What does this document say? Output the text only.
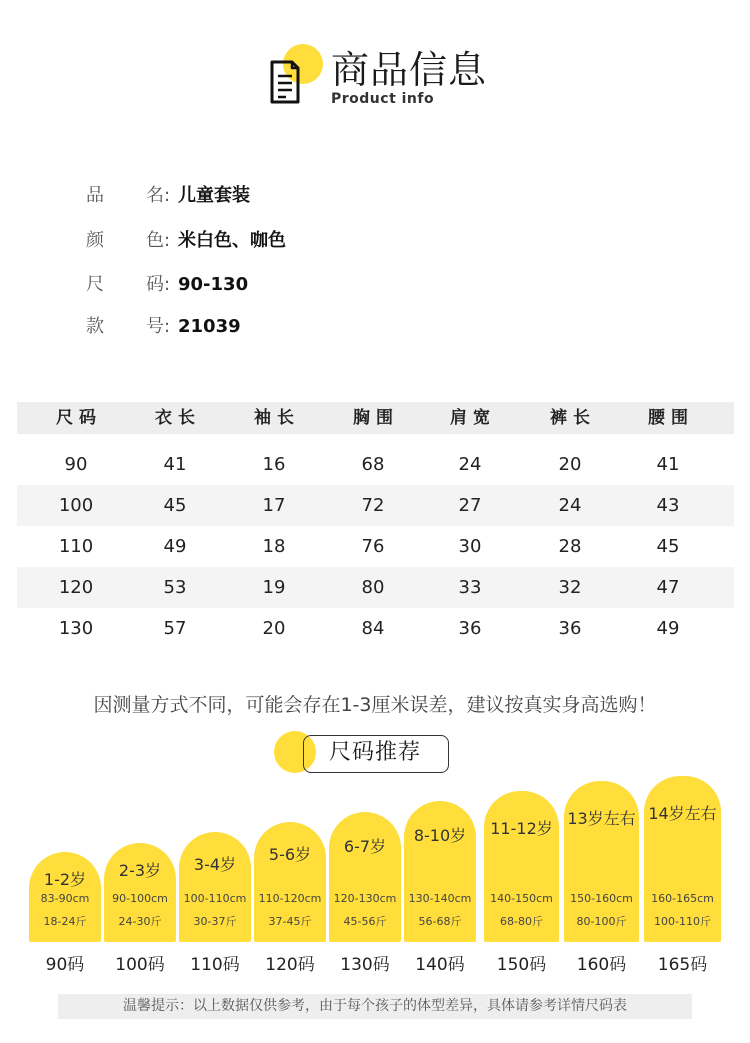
商品信息
Product info
品 名: 儿童套装
颜 色: 米白色、咖色
尺 码: 90-130
款 号: 21039
尺码	衣长	袖长	胸围	肩宽	裤长	腰围
90	41	16	68	24	20	41
100	45	17	72	27	24	43
110	49	18	76	30	28	45
120	53	19	80	33	32	47
130	57	20	84	36	36	49
因测量方式不同，可能会存在1-3厘米误差，建议按真实身高选购！
尺码推荐
1-2岁
83-90cm
18-24斤
90码
2-3岁
90-100cm
24-30斤
100码
3-4岁
100-110cm
30-37斤
110码
5-6岁
110-120cm
37-45斤
120码
6-7岁
120-130cm
45-56斤
130码
8-10岁
130-140cm
56-68斤
140码
11-12岁
140-150cm
68-80斤
150码
13岁左右
150-160cm
80-100斤
160码
14岁左右
160-165cm
100-110斤
165码
温馨提示：以上数据仅供参考，由于每个孩子的体型差异，具体请参考详情尺码表
